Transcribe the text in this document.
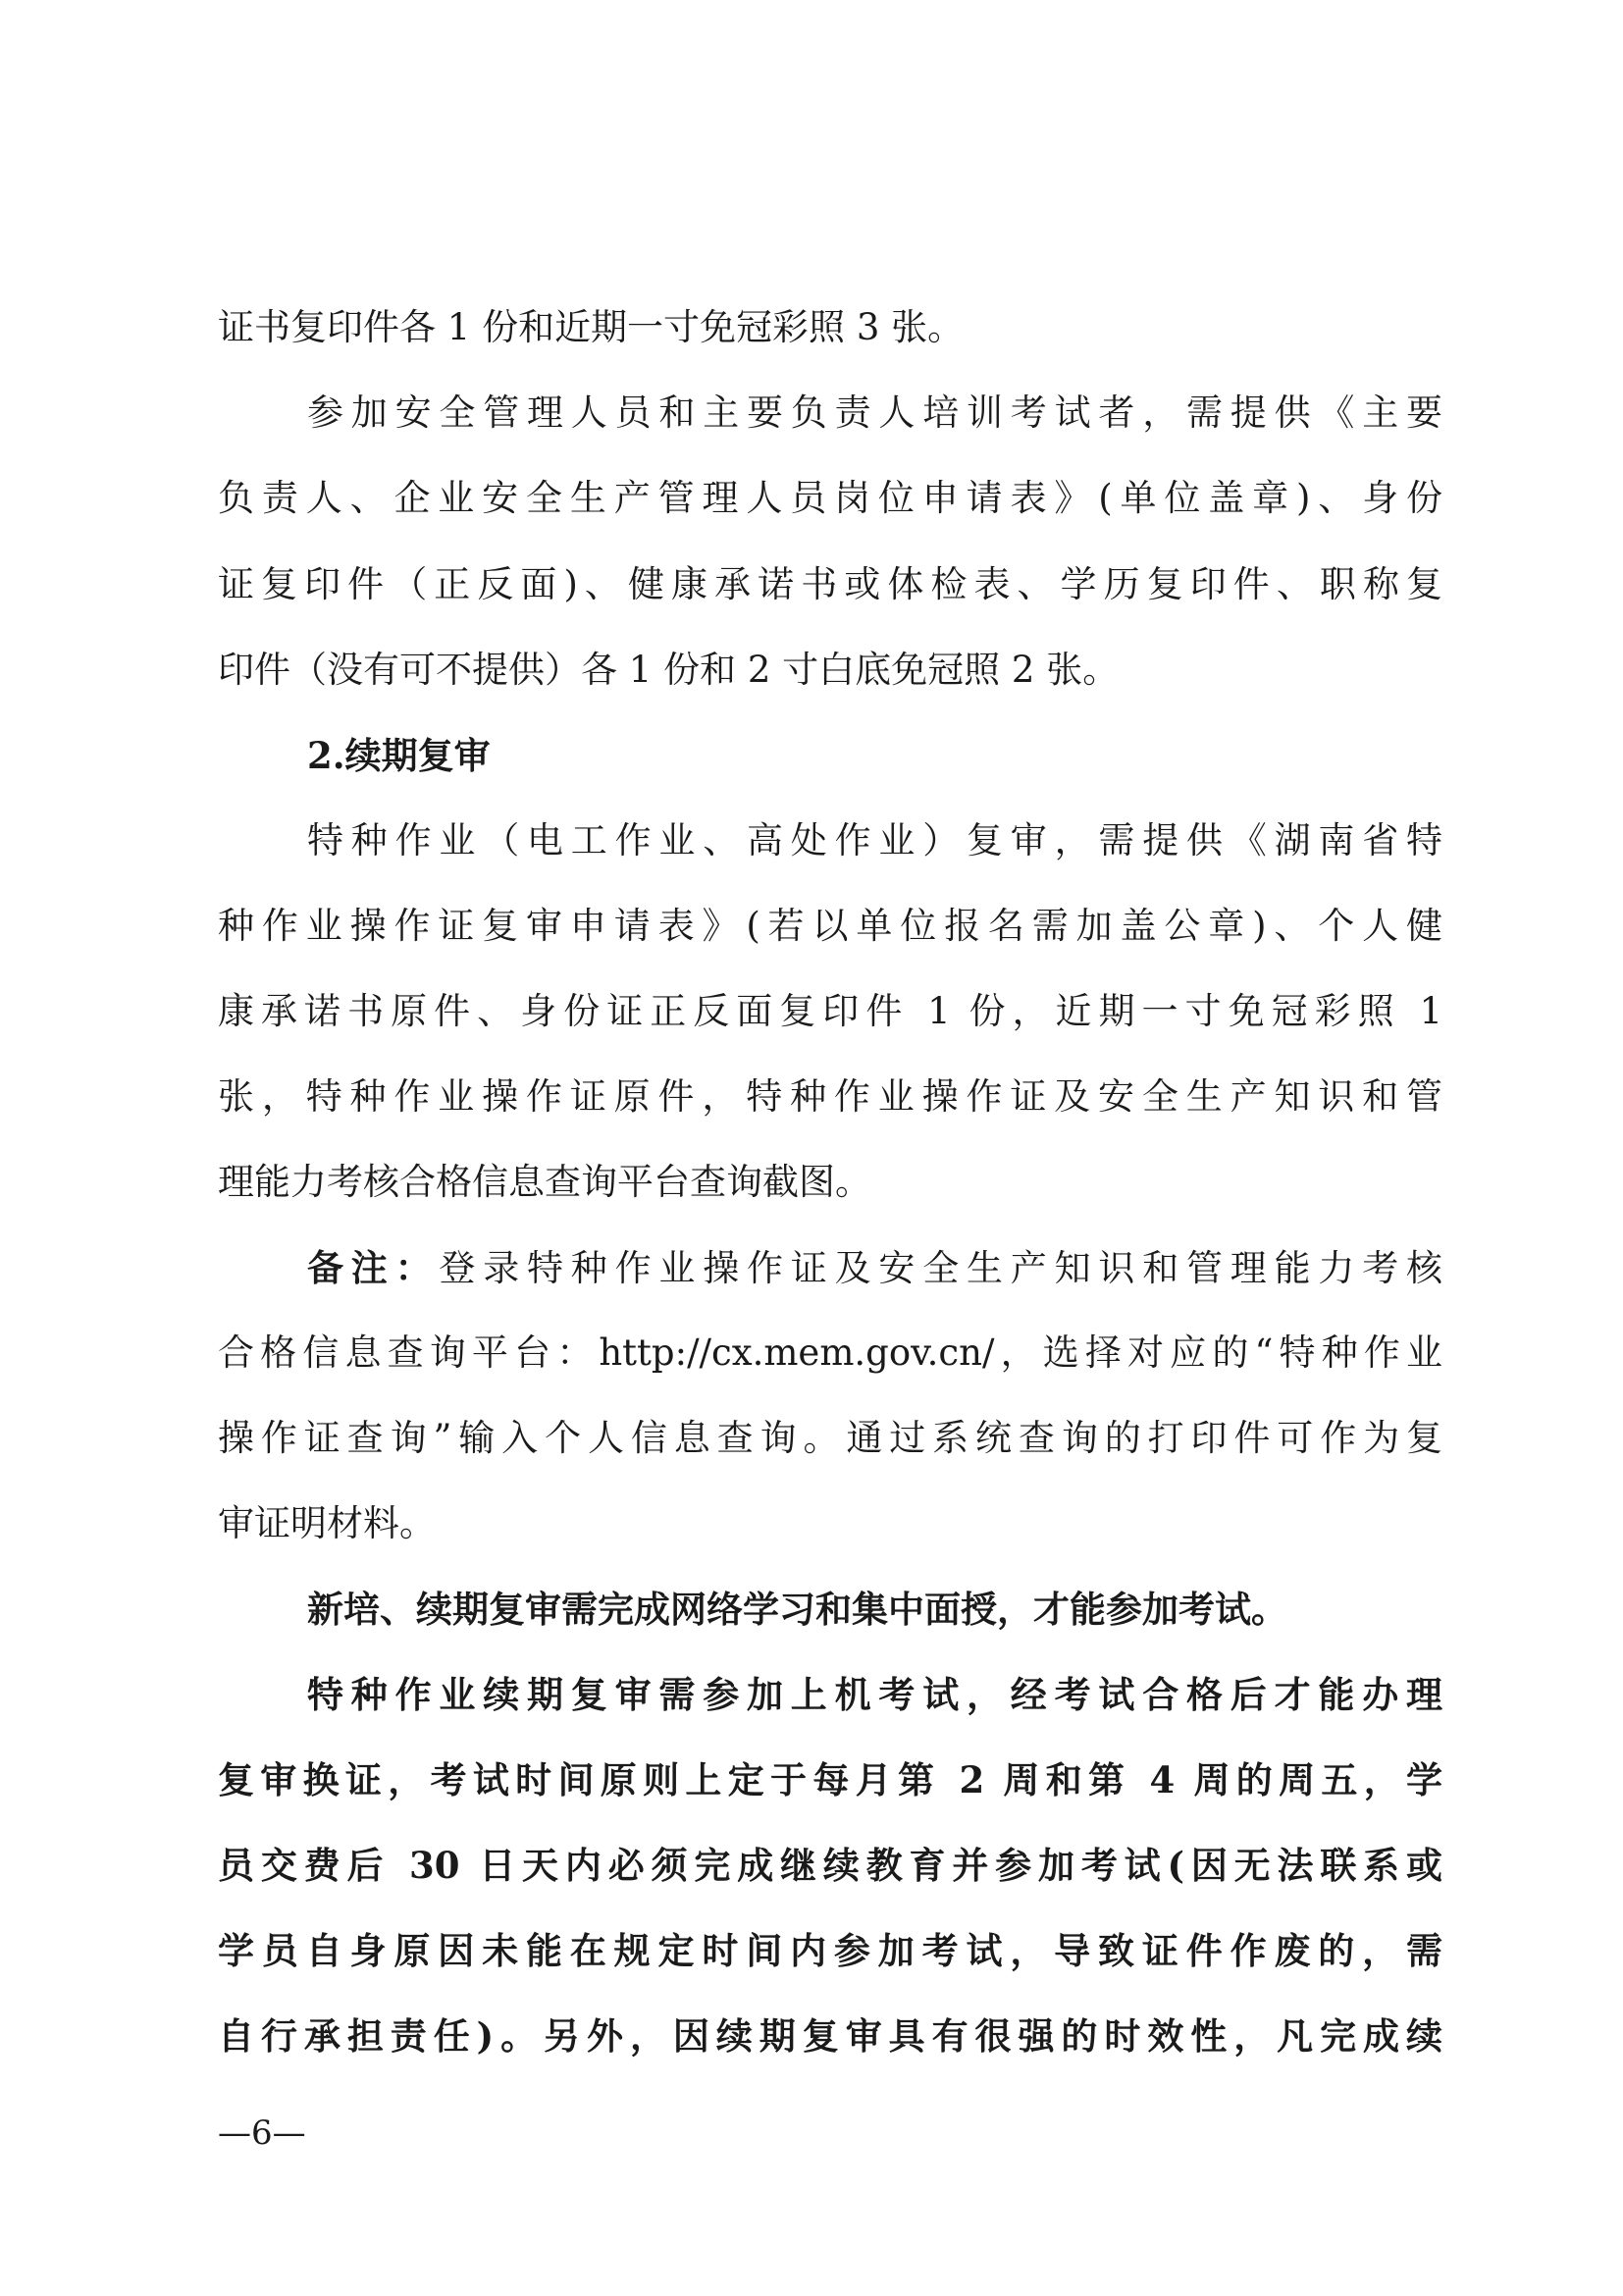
证书复印件各 1 份和近期一寸免冠彩照 3 张。
参加安全管理人员和主要负责人培训考试者，需提供《主要
负责人、企业安全生产管理人员岗位申请表》(单位盖章)、身份
证复印件（正反面)、健康承诺书或体检表、学历复印件、职称复
印件（没有可不提供）各 1 份和 2 寸白底免冠照 2 张。
2.续期复审
特种作业（电工作业、高处作业）复审，需提供《湖南省特
种作业操作证复审申请表》(若以单位报名需加盖公章)、个人健
康承诺书原件、身份证正反面复印件 1 份，近期一寸免冠彩照 1
张，特种作业操作证原件，特种作业操作证及安全生产知识和管
理能力考核合格信息查询平台查询截图。
备注：登录特种作业操作证及安全生产知识和管理能力考核
合格信息查询平台：http://cx.mem.gov.cn/，选择对应的“特种作业
操作证查询”输入个人信息查询。通过系统查询的打印件可作为复
审证明材料。
新培、续期复审需完成网络学习和集中面授，才能参加考试。
特种作业续期复审需参加上机考试，经考试合格后才能办理
复审换证，考试时间原则上定于每月第 2 周和第 4 周的周五，学
员交费后 30 日天内必须完成继续教育并参加考试(因无法联系或
学员自身原因未能在规定时间内参加考试，导致证件作废的，需
自行承担责任)。另外，因续期复审具有很强的时效性，凡完成续
—6—
